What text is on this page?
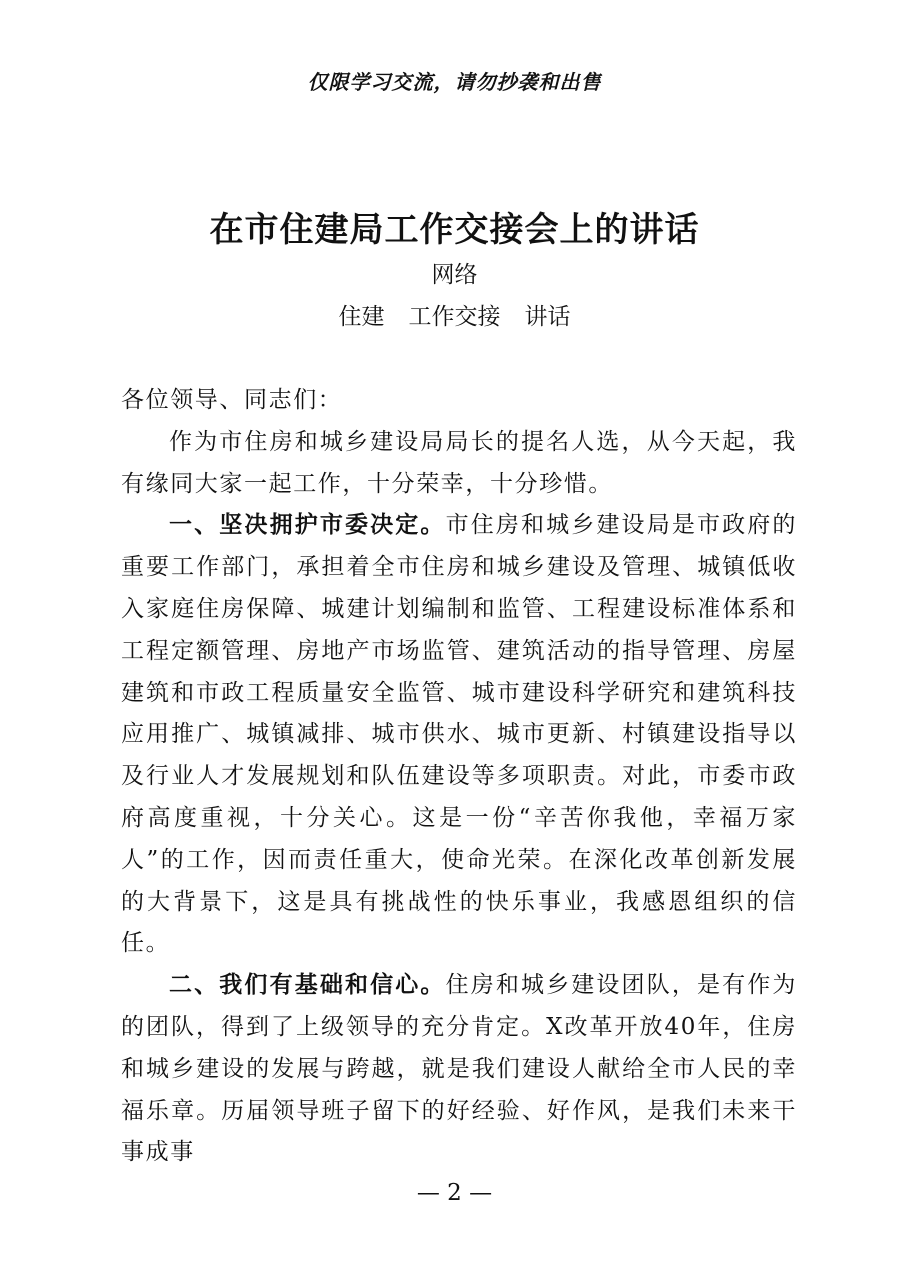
仅限学习交流，请勿抄袭和出售
在市住建局工作交接会上的讲话
网络
住建 工作交接 讲话

各位领导、同志们：

作为市住房和城乡建设局局长的提名人选，从今天起，我有缘同大家一起工作，十分荣幸，十分珍惜。

一、坚决拥护市委决定。市住房和城乡建设局是市政府的重要工作部门，承担着全市住房和城乡建设及管理、城镇低收入家庭住房保障、城建计划编制和监管、工程建设标准体系和工程定额管理、房地产市场监管、建筑活动的指导管理、房屋建筑和市政工程质量安全监管、城市建设科学研究和建筑科技应用推广、城镇减排、城市供水、城市更新、村镇建设指导以及行业人才发展规划和队伍建设等多项职责。对此，市委市政府高度重视，十分关心。这是一份“辛苦你我他，幸福万家人”的工作，因而责任重大，使命光荣。在深化改革创新发展的大背景下，这是具有挑战性的快乐事业，我感恩组织的信任。

二、我们有基础和信心。住房和城乡建设团队，是有作为的团队，得到了上级领导的充分肯定。X改革开放40年，住房和城乡建设的发展与跨越，就是我们建设人献给全市人民的幸福乐章。历届领导班子留下的好经验、好作风，是我们未来干事成事

— 2 —
